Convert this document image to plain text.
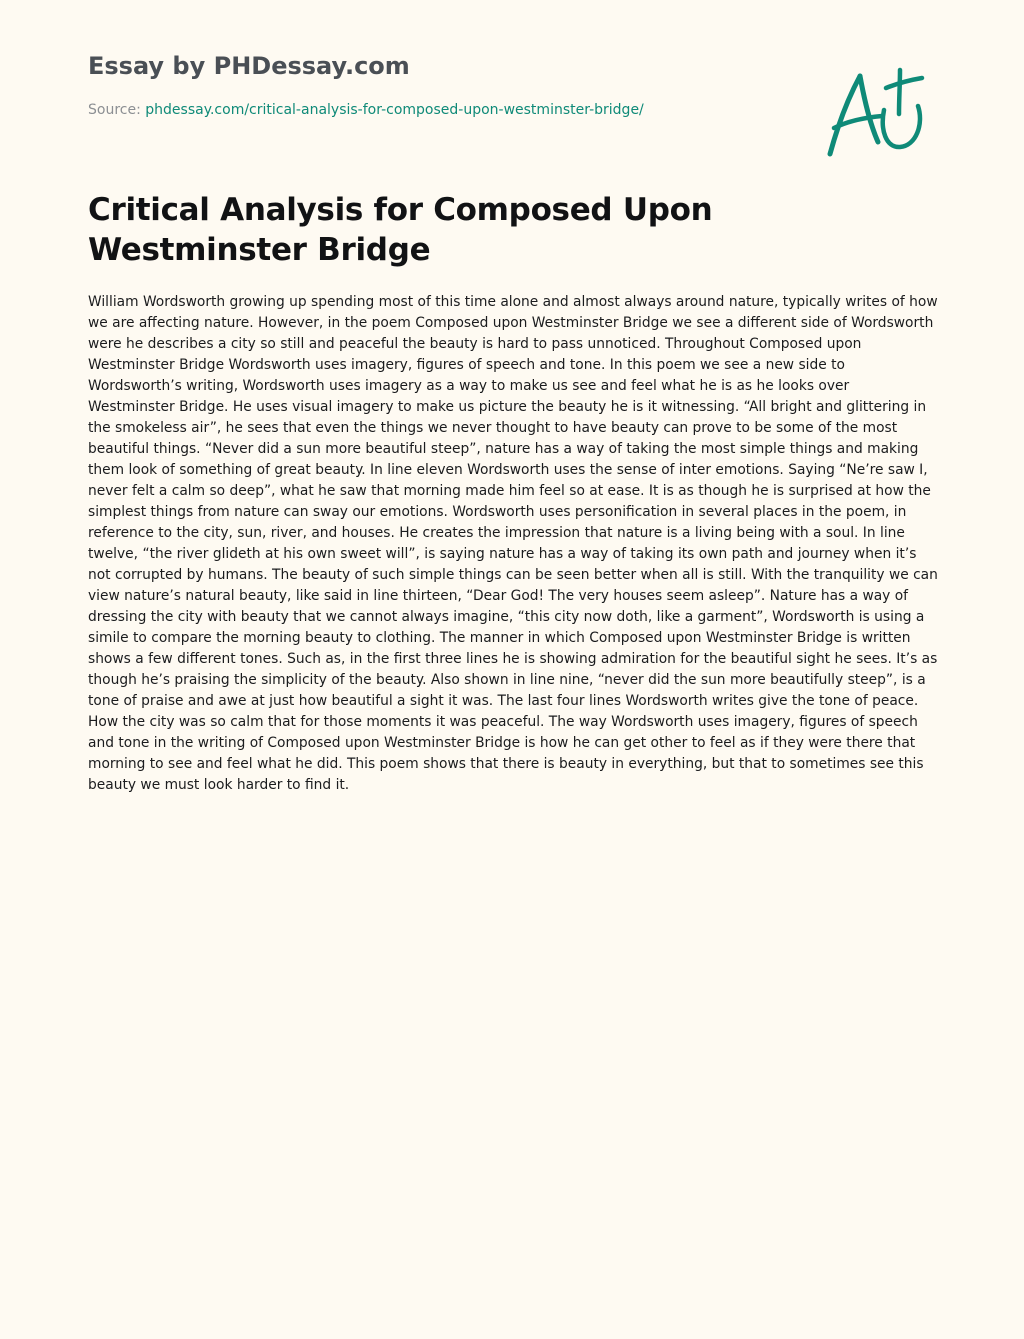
Essay by PHDessay.com
Source: phdessay.com/critical-analysis-for-composed-upon-westminster-bridge/
Critical Analysis for Composed Upon Westminster Bridge

William Wordsworth growing up spending most of this time alone and almost always around nature, typically writes of how we are affecting nature. However, in the poem Composed upon Westminster Bridge we see a different side of Wordsworth were he describes a city so still and peaceful the beauty is hard to pass unnoticed. Throughout Composed upon Westminster Bridge Wordsworth uses imagery, figures of speech and tone. In this poem we see a new side to Wordsworth’s writing, Wordsworth uses imagery as a way to make us see and feel what he is as he looks over Westminster Bridge. He uses visual imagery to make us picture the beauty he is it witnessing. “All bright and glittering in the smokeless air”, he sees that even the things we never thought to have beauty can prove to be some of the most beautiful things. “Never did a sun more beautiful steep”, nature has a way of taking the most simple things and making them look of something of great beauty. In line eleven Wordsworth uses the sense of inter emotions. Saying “Ne’re saw I, never felt a calm so deep”, what he saw that morning made him feel so at ease. It is as though he is surprised at how the simplest things from nature can sway our emotions. Wordsworth uses personification in several places in the poem, in reference to the city, sun, river, and houses. He creates the impression that nature is a living being with a soul. In line twelve, “the river glideth at his own sweet will”, is saying nature has a way of taking its own path and journey when it’s not corrupted by humans. The beauty of such simple things can be seen better when all is still. With the tranquility we can view nature’s natural beauty, like said in line thirteen, “Dear God! The very houses seem asleep”. Nature has a way of dressing the city with beauty that we cannot always imagine, “this city now doth, like a garment”, Wordsworth is using a simile to compare the morning beauty to clothing. The manner in which Composed upon Westminster Bridge is written shows a few different tones. Such as, in the first three lines he is showing admiration for the beautiful sight he sees. It’s as though he’s praising the simplicity of the beauty. Also shown in line nine, “never did the sun more beautifully steep”, is a tone of praise and awe at just how beautiful a sight it was. The last four lines Wordsworth writes give the tone of peace. How the city was so calm that for those moments it was peaceful. The way Wordsworth uses imagery, figures of speech and tone in the writing of Composed upon Westminster Bridge is how he can get other to feel as if they were there that morning to see and feel what he did. This poem shows that there is beauty in everything, but that to sometimes see this beauty we must look harder to find it.
